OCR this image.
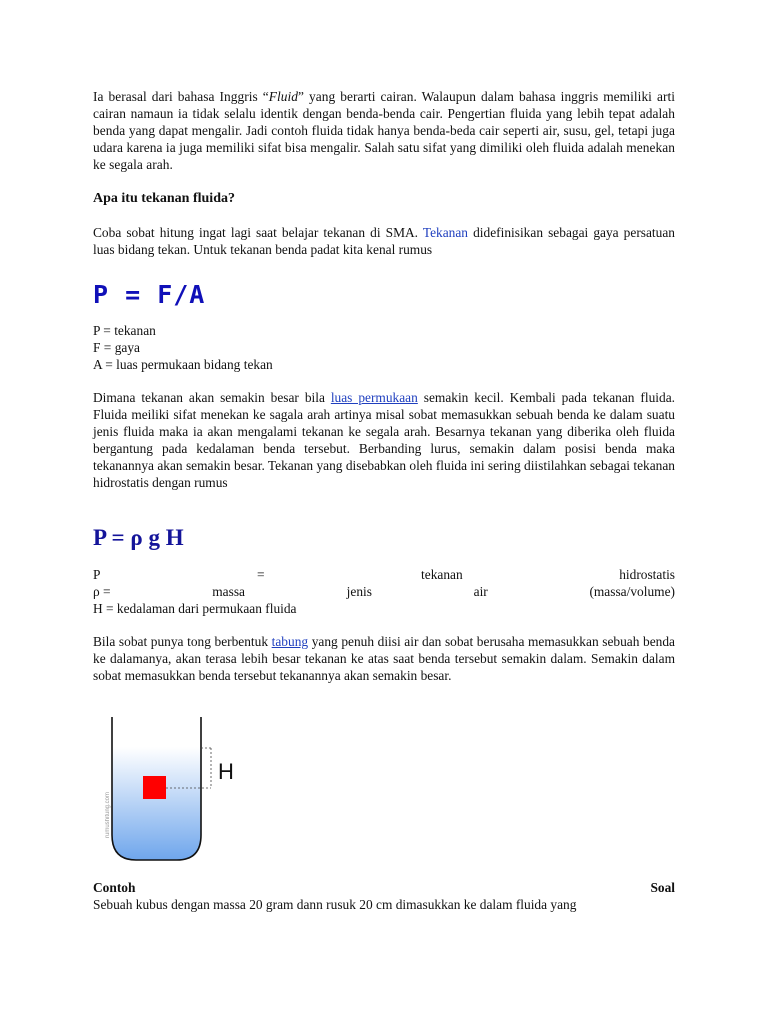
Ia berasal dari bahasa Inggris “Fluid” yang berarti cairan. Walaupun dalam bahasa inggris memiliki arti cairan namaun ia tidak selalu identik dengan benda-benda cair. Pengertian fluida yang lebih tepat adalah benda yang dapat mengalir. Jadi contoh fluida tidak hanya benda-beda cair seperti air, susu, gel, tetapi juga udara karena ia juga memiliki sifat bisa mengalir. Salah satu sifat yang dimiliki oleh fluida adalah menekan ke segala arah.

Apa itu tekanan fluida?

Coba sobat hitung ingat lagi saat belajar tekanan di SMA. Tekanan didefinisikan sebagai gaya persatuan luas bidang tekan. Untuk tekanan benda padat kita kenal rumus

P = F/A
P = tekanan
F = gaya
A = luas permukaan bidang tekan

Dimana tekanan akan semakin besar bila luas permukaan semakin kecil. Kembali pada tekanan fluida. Fluida meiliki sifat menekan ke sagala arah artinya misal sobat memasukkan sebuah benda ke dalam suatu jenis fluida maka ia akan mengalami tekanan ke segala arah. Besarnya tekanan yang diberika oleh fluida bergantung pada kedalaman benda tersebut. Berbanding lurus, semakin dalam posisi benda maka tekanannya akan semakin besar. Tekanan yang disebabkan oleh fluida ini sering diistilahkan sebagai tekanan hidrostatis dengan rumus

P = ρ g H
P	=	tekanan	hidrostatis
ρ =	massa	jenis	air	(massa/volume)
H = kedalaman dari permukaan fluida

Bila sobat punya tong berbentuk tabung yang penuh diisi air dan sobat berusaha memasukkan sebuah benda ke dalamanya, akan terasa lebih besar tekanan ke atas saat benda tersebut semakin dalam. Semakin dalam sobat memasukkan benda tersebut tekanannya akan semakin besar.

Contoh	Soal

Sebuah kubus dengan massa 20 gram dann rusuk 20 cm dimasukkan ke dalam fluida yang

H
rumushitung.com
